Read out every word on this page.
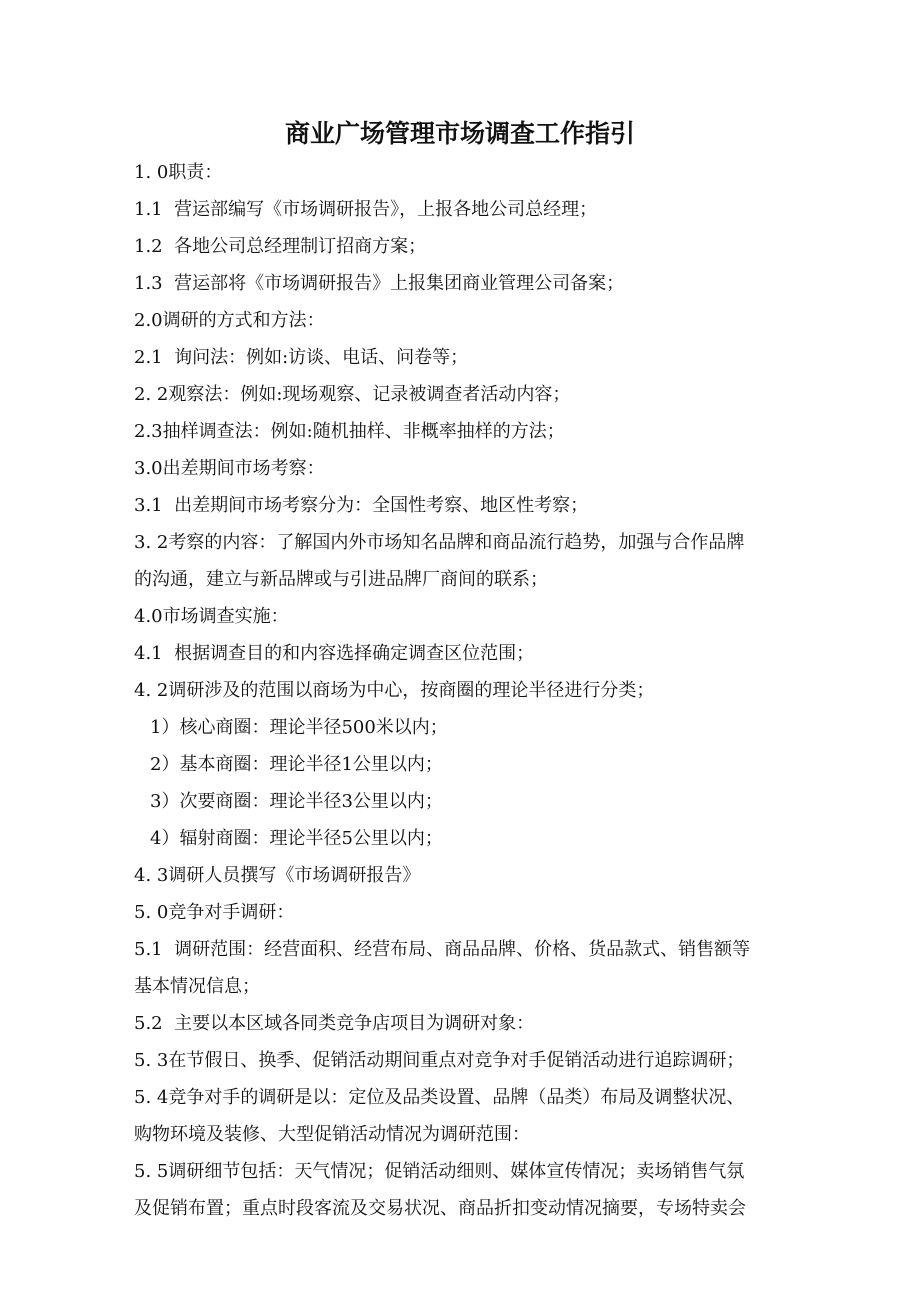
商业广场管理市场调查工作指引
1. 0职责：
1.1  营运部编写《市场调研报告》，上报各地公司总经理；
1.2  各地公司总经理制订招商方案；
1.3  营运部将《市场调研报告》上报集团商业管理公司备案；
2.0调研的方式和方法：
2.1  询问法：例如:访谈、电话、问卷等；
2. 2观察法：例如:现场观察、记录被调查者活动内容；
2.3抽样调查法：例如:随机抽样、非概率抽样的方法；
3.0出差期间市场考察：
3.1  出差期间市场考察分为：全国性考察、地区性考察；
3. 2考察的内容：了解国内外市场知名品牌和商品流行趋势，加强与合作品牌
的沟通，建立与新品牌或与引进品牌厂商间的联系；
4.0市场调查实施：
4.1  根据调查目的和内容选择确定调查区位范围；
4. 2调研涉及的范围以商场为中心，按商圈的理论半径进行分类；
1）核心商圈：理论半径500米以内；
2）基本商圈：理论半径1公里以内；
3）次要商圈：理论半径3公里以内；
4）辐射商圈：理论半径5公里以内；
4. 3调研人员撰写《市场调研报告》
5. 0竞争对手调研：
5.1  调研范围：经营面积、经营布局、商品品牌、价格、货品款式、销售额等
基本情况信息；
5.2  主要以本区域各同类竞争店项目为调研对象：
5. 3在节假日、换季、促销活动期间重点对竞争对手促销活动进行追踪调研；
5. 4竞争对手的调研是以：定位及品类设置、品牌（品类）布局及调整状况、
购物环境及装修、大型促销活动情况为调研范围：
5. 5调研细节包括：天气情况；促销活动细则、媒体宣传情况；卖场销售气氛
及促销布置；重点时段客流及交易状况、商品折扣变动情况摘要，专场特卖会
